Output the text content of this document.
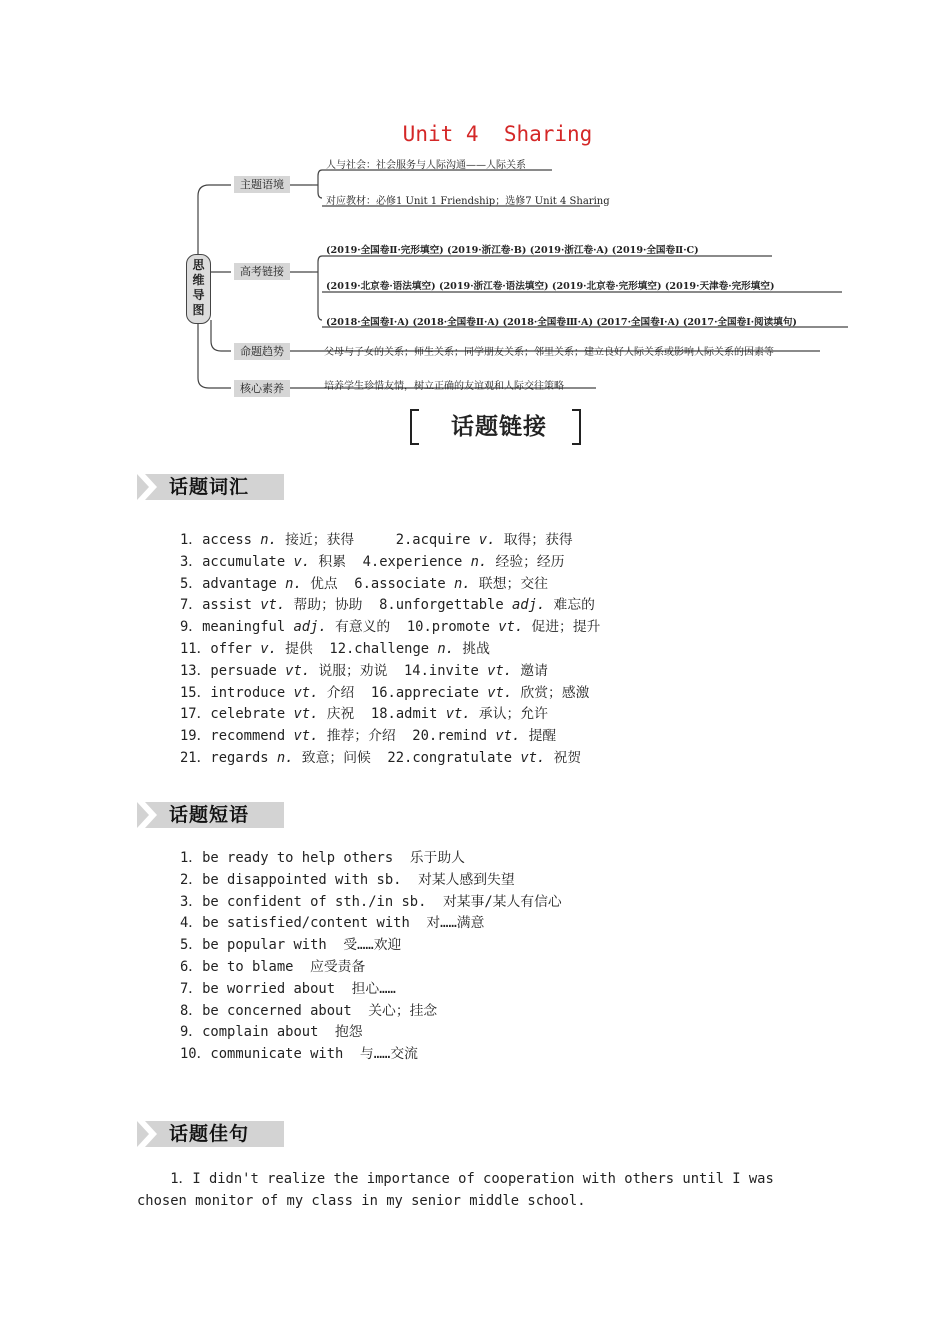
Unit 4  Sharing
思
维
导
图
主题语境
高考链接
命题趋势
核心素养
人与社会：社会服务与人际沟通——人际关系
对应教材：必修1 Unit 1 Friendship；选修7 Unit 4 Sharing
(2019·全国卷Ⅱ·完形填空) (2019·浙江卷·B) (2019·浙江卷·A) (2019·全国卷Ⅱ·C)
(2019·北京卷·语法填空) (2019·浙江卷·语法填空) (2019·北京卷·完形填空) (2019·天津卷·完形填空)
(2018·全国卷Ⅰ·A) (2018·全国卷Ⅱ·A) (2018·全国卷Ⅲ·A) (2017·全国卷Ⅰ·A) (2017·全国卷Ⅰ·阅读填句)
父母与子女的关系；师生关系；同学朋友关系；邻里关系；建立良好人际关系或影响人际关系的因素等
培养学生珍惜友情，树立正确的友谊观和人际交往策略
话题链接
话题词汇
1．access n. 接近；获得     2.acquire v. 取得；获得
3．accumulate v. 积累  4.experience n. 经验；经历
5．advantage n. 优点  6.associate n. 联想；交往
7．assist vt. 帮助；协助  8.unforgettable adj. 难忘的
9．meaningful adj. 有意义的  10.promote vt. 促进；提升
11．offer v. 提供  12.challenge n. 挑战
13．persuade vt. 说服；劝说  14.invite vt. 邀请
15．introduce vt. 介绍  16.appreciate vt. 欣赏；感激
17．celebrate vt. 庆祝  18.admit vt. 承认；允许
19．recommend vt. 推荐；介绍  20.remind vt. 提醒
21．regards n. 致意；问候  22.congratulate vt. 祝贺
话题短语
1．be ready to help others  乐于助人
2．be disappointed with sb.  对某人感到失望
3．be confident of sth./in sb.  对某事/某人有信心
4．be satisfied/content with  对……满意
5．be popular with  受……欢迎
6．be to blame  应受责备
7．be worried about  担心……
8．be concerned about  关心；挂念
9．complain about  抱怨
10．communicate with  与……交流
话题佳句
1．I didn't realize the importance of cooperation with others until I was
chosen monitor of my class in my senior middle school.
